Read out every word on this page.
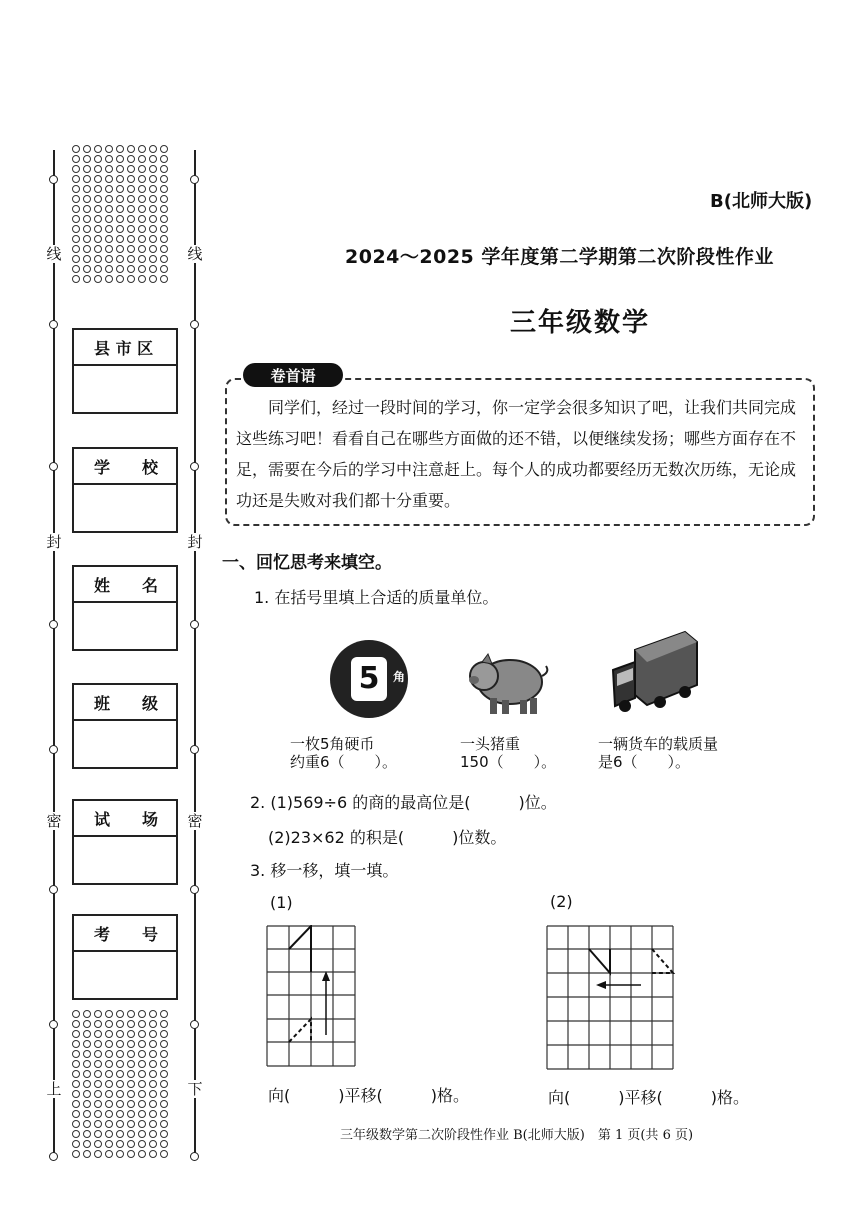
线	线
封	封
密	密
上	下
县 市 区
学　　校
姓　　名
班　　级
试　　场
考　　号
B(北师大版)
2024～2025 学年度第二学期第二次阶段性作业
三年级数学
卷首语
同学们，经过一段时间的学习，你一定学会很多知识了吧，让我们共同完成这些练习吧！看看自己在哪些方面做的还不错，以便继续发扬；哪些方面存在不足，需要在今后的学习中注意赶上。每个人的成功都要经历无数次历练，无论成功还是失败对我们都十分重要。
一、回忆思考来填空。
1. 在括号里填上合适的质量单位。
5	角
一枚5角硬币
约重6（　　）。
一头猪重
150（　　）。
一辆货车的载质量
是6（　　）。
2. (1)569÷6 的商的最高位是(　　　)位。
(2)23×62 的积是(　　　)位数。
3. 移一移，填一填。
(1)	(2)
向(　　　)平移(　　　)格。	向(　　　)平移(　　　)格。
三年级数学第二次阶段性作业 B(北师大版)　第 1 页(共 6 页)
